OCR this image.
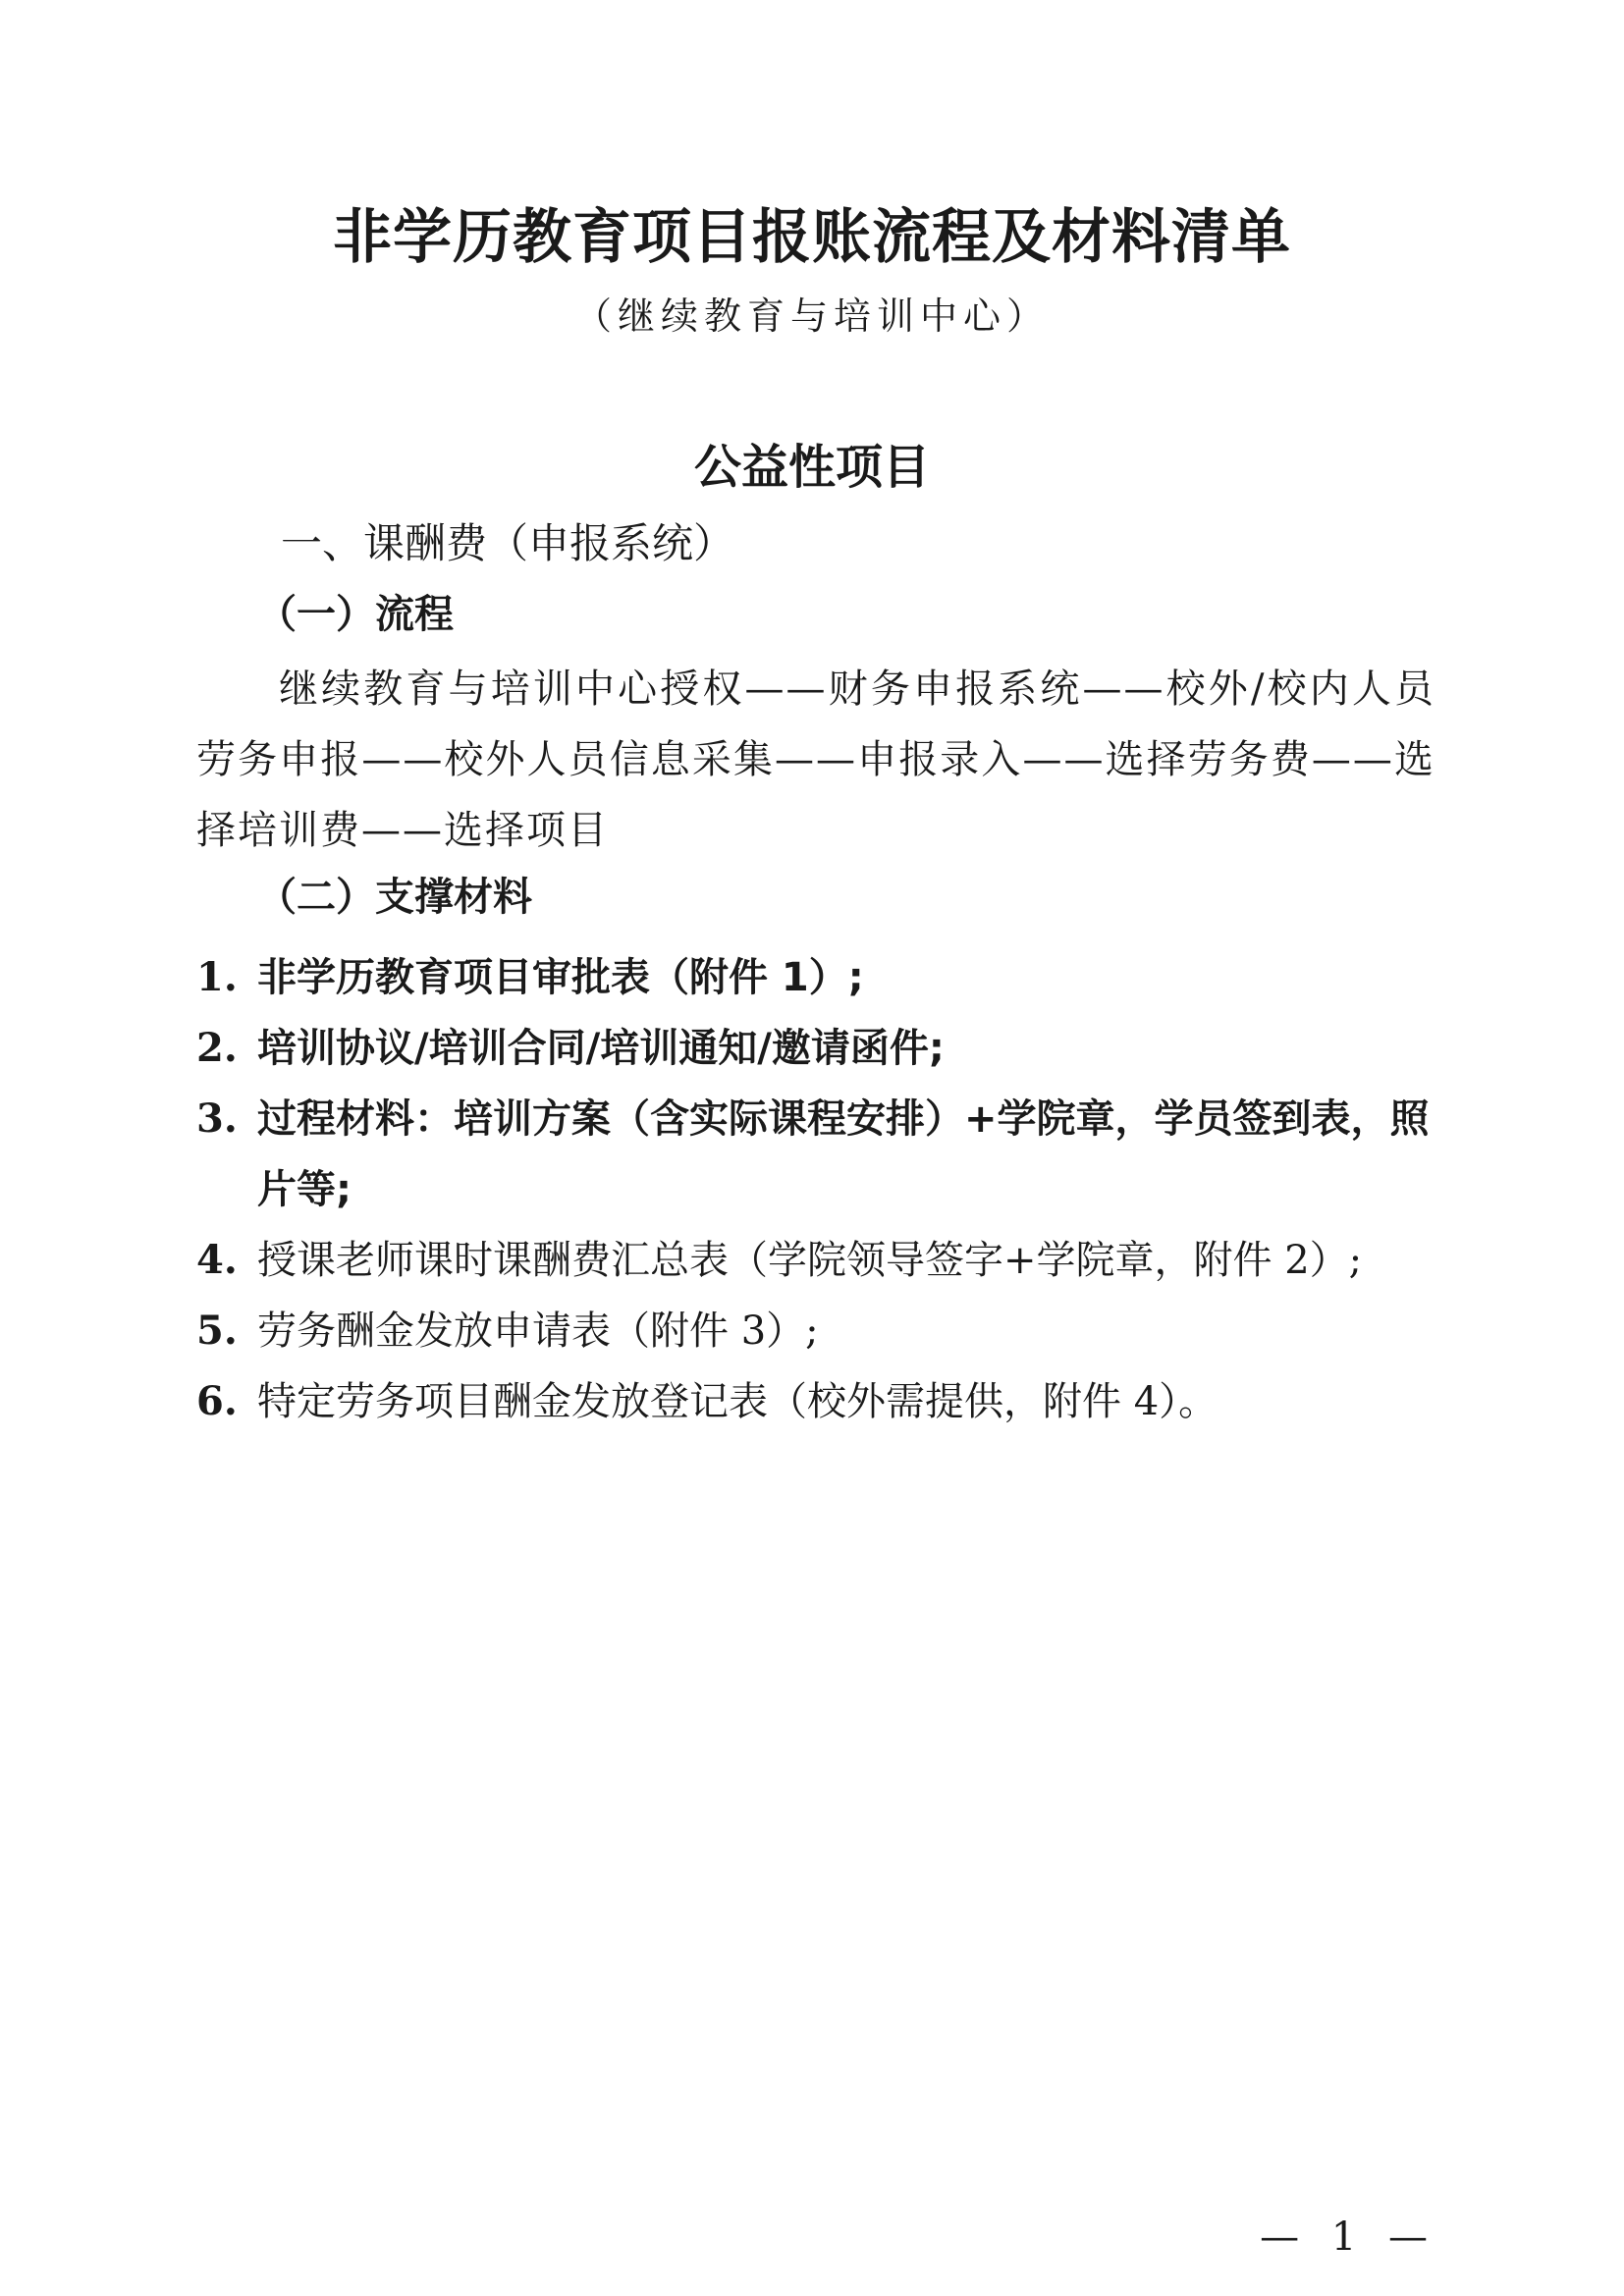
非学历教育项目报账流程及材料清单
（继续教育与培训中心）
公益性项目
一、课酬费（申报系统）
（一）流程
继续教育与培训中心授权——财务申报系统——校外/校内人员劳务申报——校外人员信息采集——申报录入——选择劳务费——选择培训费——选择项目
（二）支撑材料
1. 非学历教育项目审批表（附件 1）;
2. 培训协议/培训合同/培训通知/邀请函件;
3. 过程材料：培训方案（含实际课程安排）+学院章，学员签到表，照片等;
4. 授课老师课时课酬费汇总表（学院领导签字+学院章，附件 2）;
5. 劳务酬金发放申请表（附件 3）;
6. 特定劳务项目酬金发放登记表（校外需提供，附件 4）。
— 1 —
